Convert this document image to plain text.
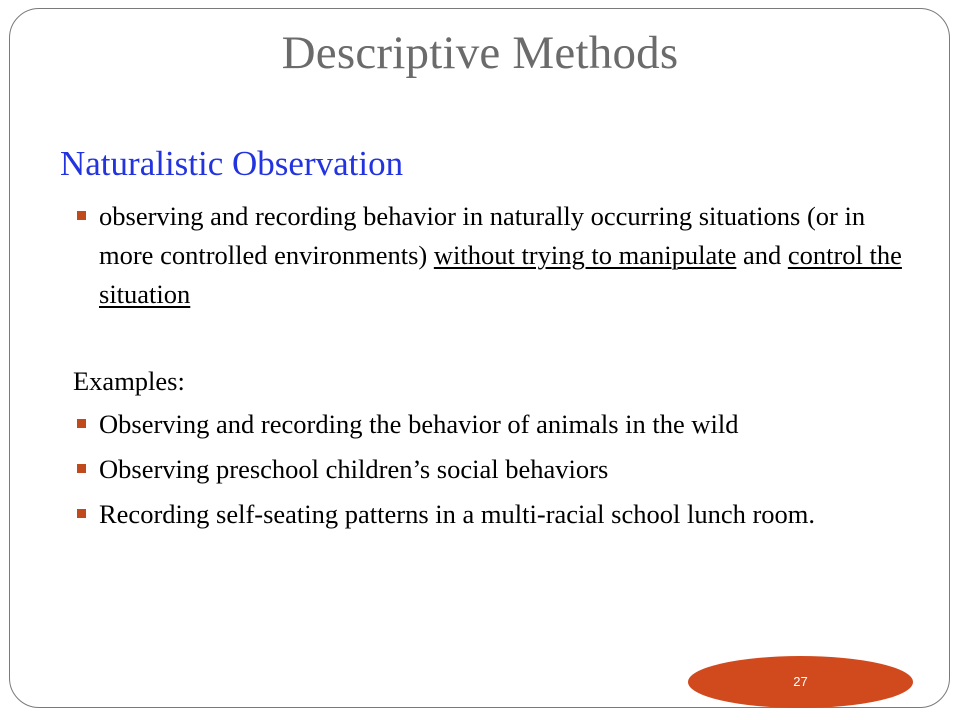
Descriptive Methods
Naturalistic Observation
observing and recording behavior in naturally occurring situations (or in more controlled environments) without trying to manipulate and control the situation
Examples:
Observing and recording the behavior of animals in the wild
Observing preschool children’s social behaviors
Recording self-seating patterns in a multi-racial school lunch room.
27
